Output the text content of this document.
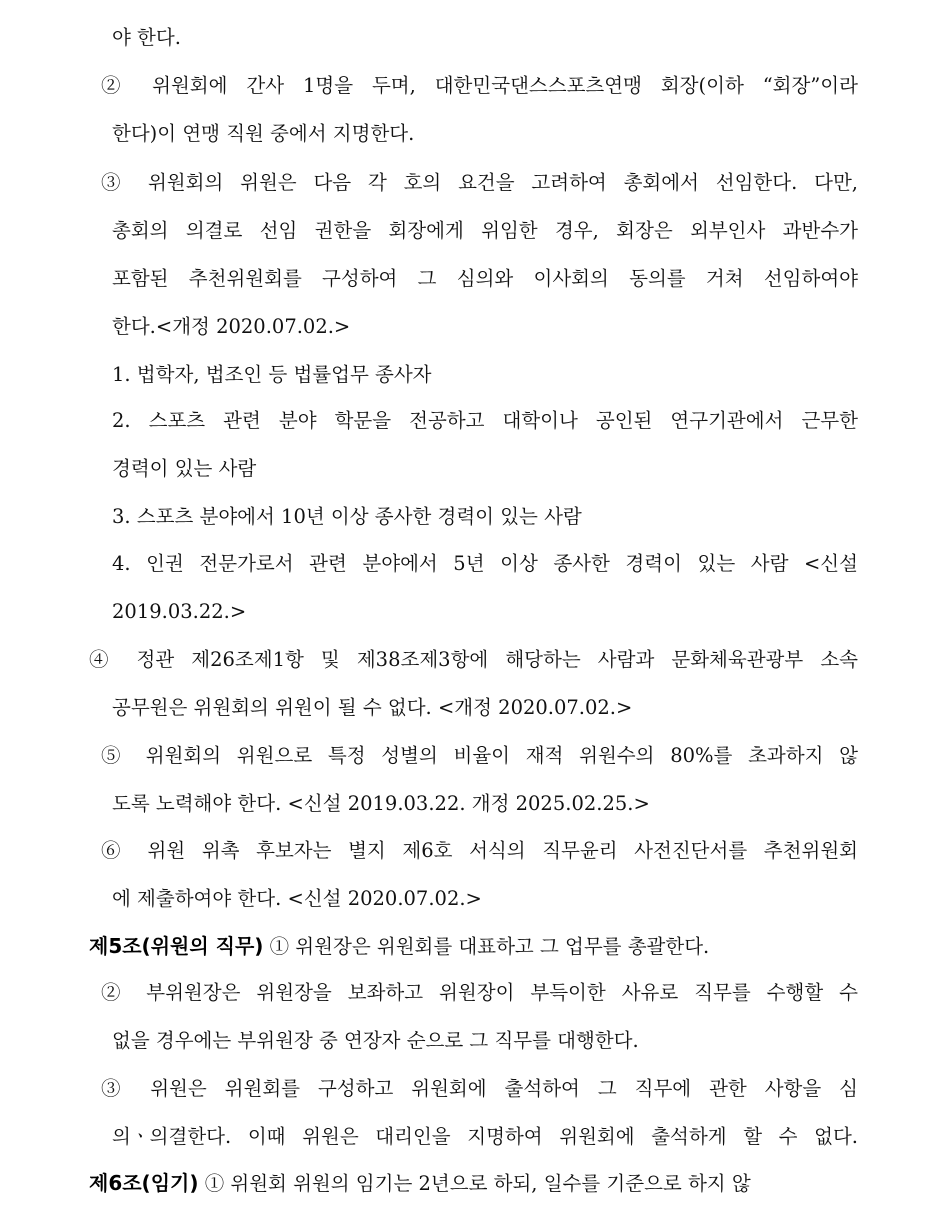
야 한다.
② 위원회에 간사 1명을 두며, 대한민국댄스스포츠연맹 회장(이하 “회장”이라
한다)이 연맹 직원 중에서 지명한다.
③ 위원회의 위원은 다음 각 호의 요건을 고려하여 총회에서 선임한다. 다만,
총회의 의결로 선임 권한을 회장에게 위임한 경우, 회장은 외부인사 과반수가
포함된 추천위원회를 구성하여 그 심의와 이사회의 동의를 거쳐 선임하여야
한다.<개정 2020.07.02.>
1. 법학자, 법조인 등 법률업무 종사자
2. 스포츠 관련 분야 학문을 전공하고 대학이나 공인된 연구기관에서 근무한
경력이 있는 사람
3. 스포츠 분야에서 10년 이상 종사한 경력이 있는 사람
4. 인권 전문가로서 관련 분야에서 5년 이상 종사한 경력이 있는 사람 <신설
2019.03.22.>
④ 정관 제26조제1항 및 제38조제3항에 해당하는 사람과 문화체육관광부 소속
공무원은 위원회의 위원이 될 수 없다. <개정 2020.07.02.>
⑤ 위원회의 위원으로 특정 성별의 비율이 재적 위원수의 80%를 초과하지 않
도록 노력해야 한다. <신설 2019.03.22. 개정 2025.02.25.>
⑥ 위원 위촉 후보자는 별지 제6호 서식의 직무윤리 사전진단서를 추천위원회
에 제출하여야 한다. <신설 2020.07.02.>
제5조(위원의 직무) ① 위원장은 위원회를 대표하고 그 업무를 총괄한다.
② 부위원장은 위원장을 보좌하고 위원장이 부득이한 사유로 직무를 수행할 수
없을 경우에는 부위원장 중 연장자 순으로 그 직무를 대행한다.
③ 위원은 위원회를 구성하고 위원회에 출석하여 그 직무에 관한 사항을 심
의ㆍ의결한다. 이때 위원은 대리인을 지명하여 위원회에 출석하게 할 수 없다.
제6조(임기) ① 위원회 위원의 임기는 2년으로 하되, 일수를 기준으로 하지 않
